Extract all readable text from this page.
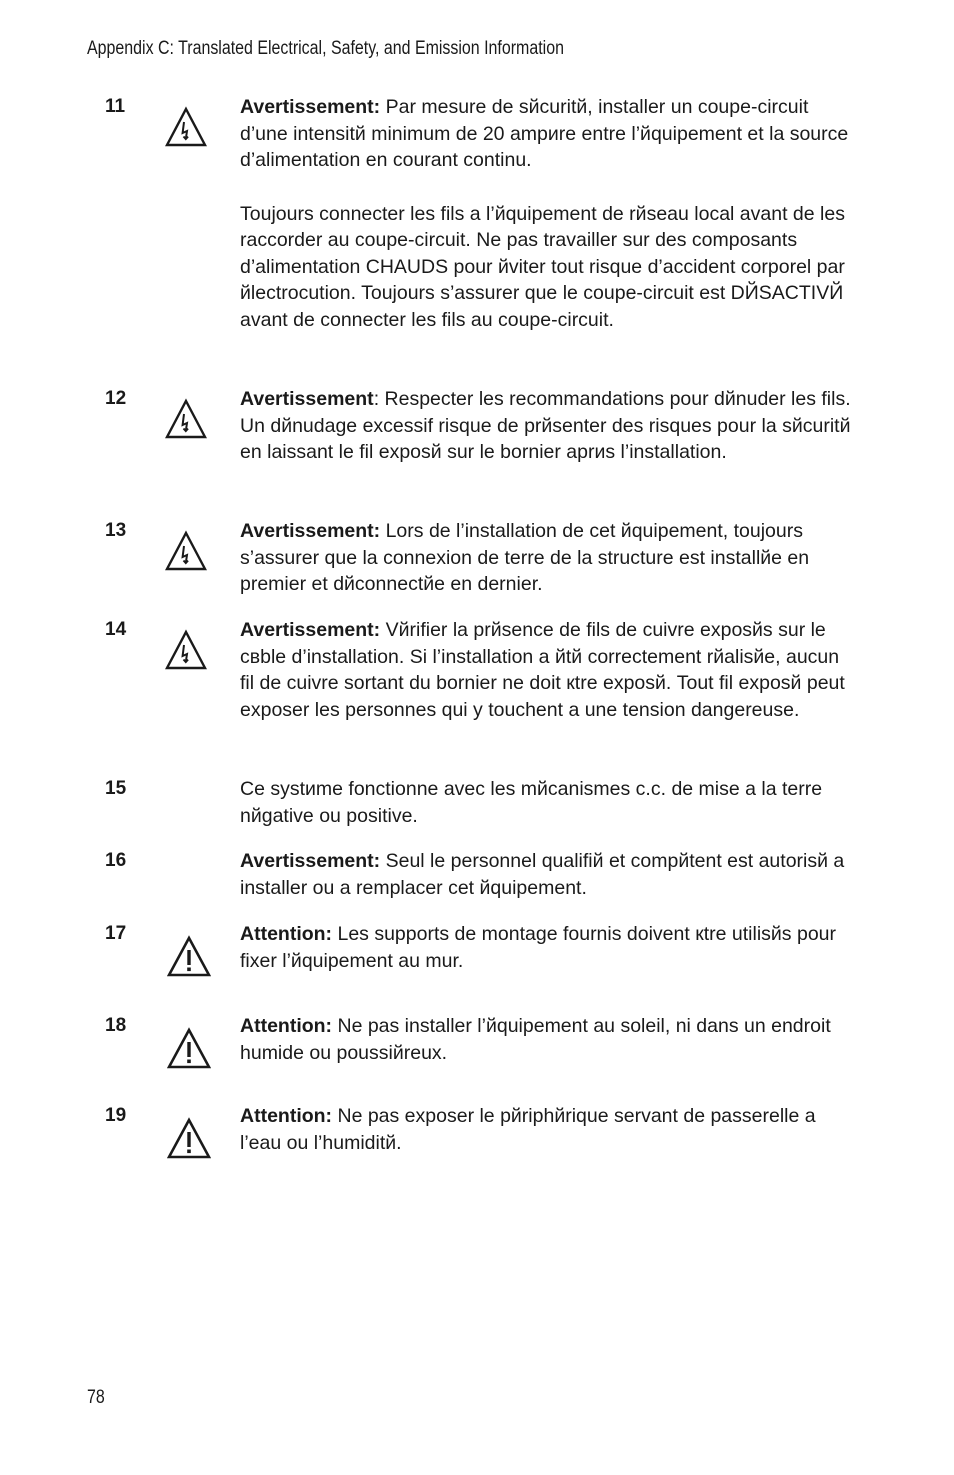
Appendix C: Translated Electrical, Safety, and Emission Information
11	Avertissement: Par mesure de sйcuritй, installer un coupe-circuit d’une intensitй minimum de 20 ampиre entre l’йquipement et la source d’alimentation en courant continu.

Toujours connecter les fils a l’йquipement de rйseau local avant de les raccorder au coupe-circuit. Ne pas travailler sur des composants d’alimentation CHAUDS pour йviter tout risque d’accident corporel par йlectrocution. Toujours s’assurer que le coupe-circuit est DЙSACTIVЙ avant de connecter les fils au coupe-circuit.

12	Avertissement: Respecter les recommandations pour dйnuder les fils. Un dйnudage excessif risque de prйsenter des risques pour la sйcuritй en laissant le fil exposй sur le bornier aprиs l’installation.

13	Avertissement: Lors de l’installation de cet йquipement, toujours s’assurer que la connexion de terre de la structure est installйe en premier et dйconnectйe en dernier.

14	Avertissement: Vйrifier la prйsence de fils de cuivre exposйs sur le cвble d’installation. Si l’installation a йtй correctement rйalisйe, aucun fil de cuivre sortant du bornier ne doit кtre exposй. Tout fil exposй peut exposer les personnes qui y touchent a une tension dangereuse.

15	Ce systиme fonctionne avec les mйcanismes c.c. de mise a la terre nйgative ou positive.

16	Avertissement: Seul le personnel qualifiй et compйtent est autorisй a installer ou a remplacer cet йquipement.

17	Attention: Les supports de montage fournis doivent кtre utilisйs pour fixer l’йquipement au mur.

18	Attention: Ne pas installer l’йquipement au soleil, ni dans un endroit humide ou poussiйreux.

19	Attention: Ne pas exposer le pйriphйrique servant de passerelle a l’eau ou l’humiditй.

78
